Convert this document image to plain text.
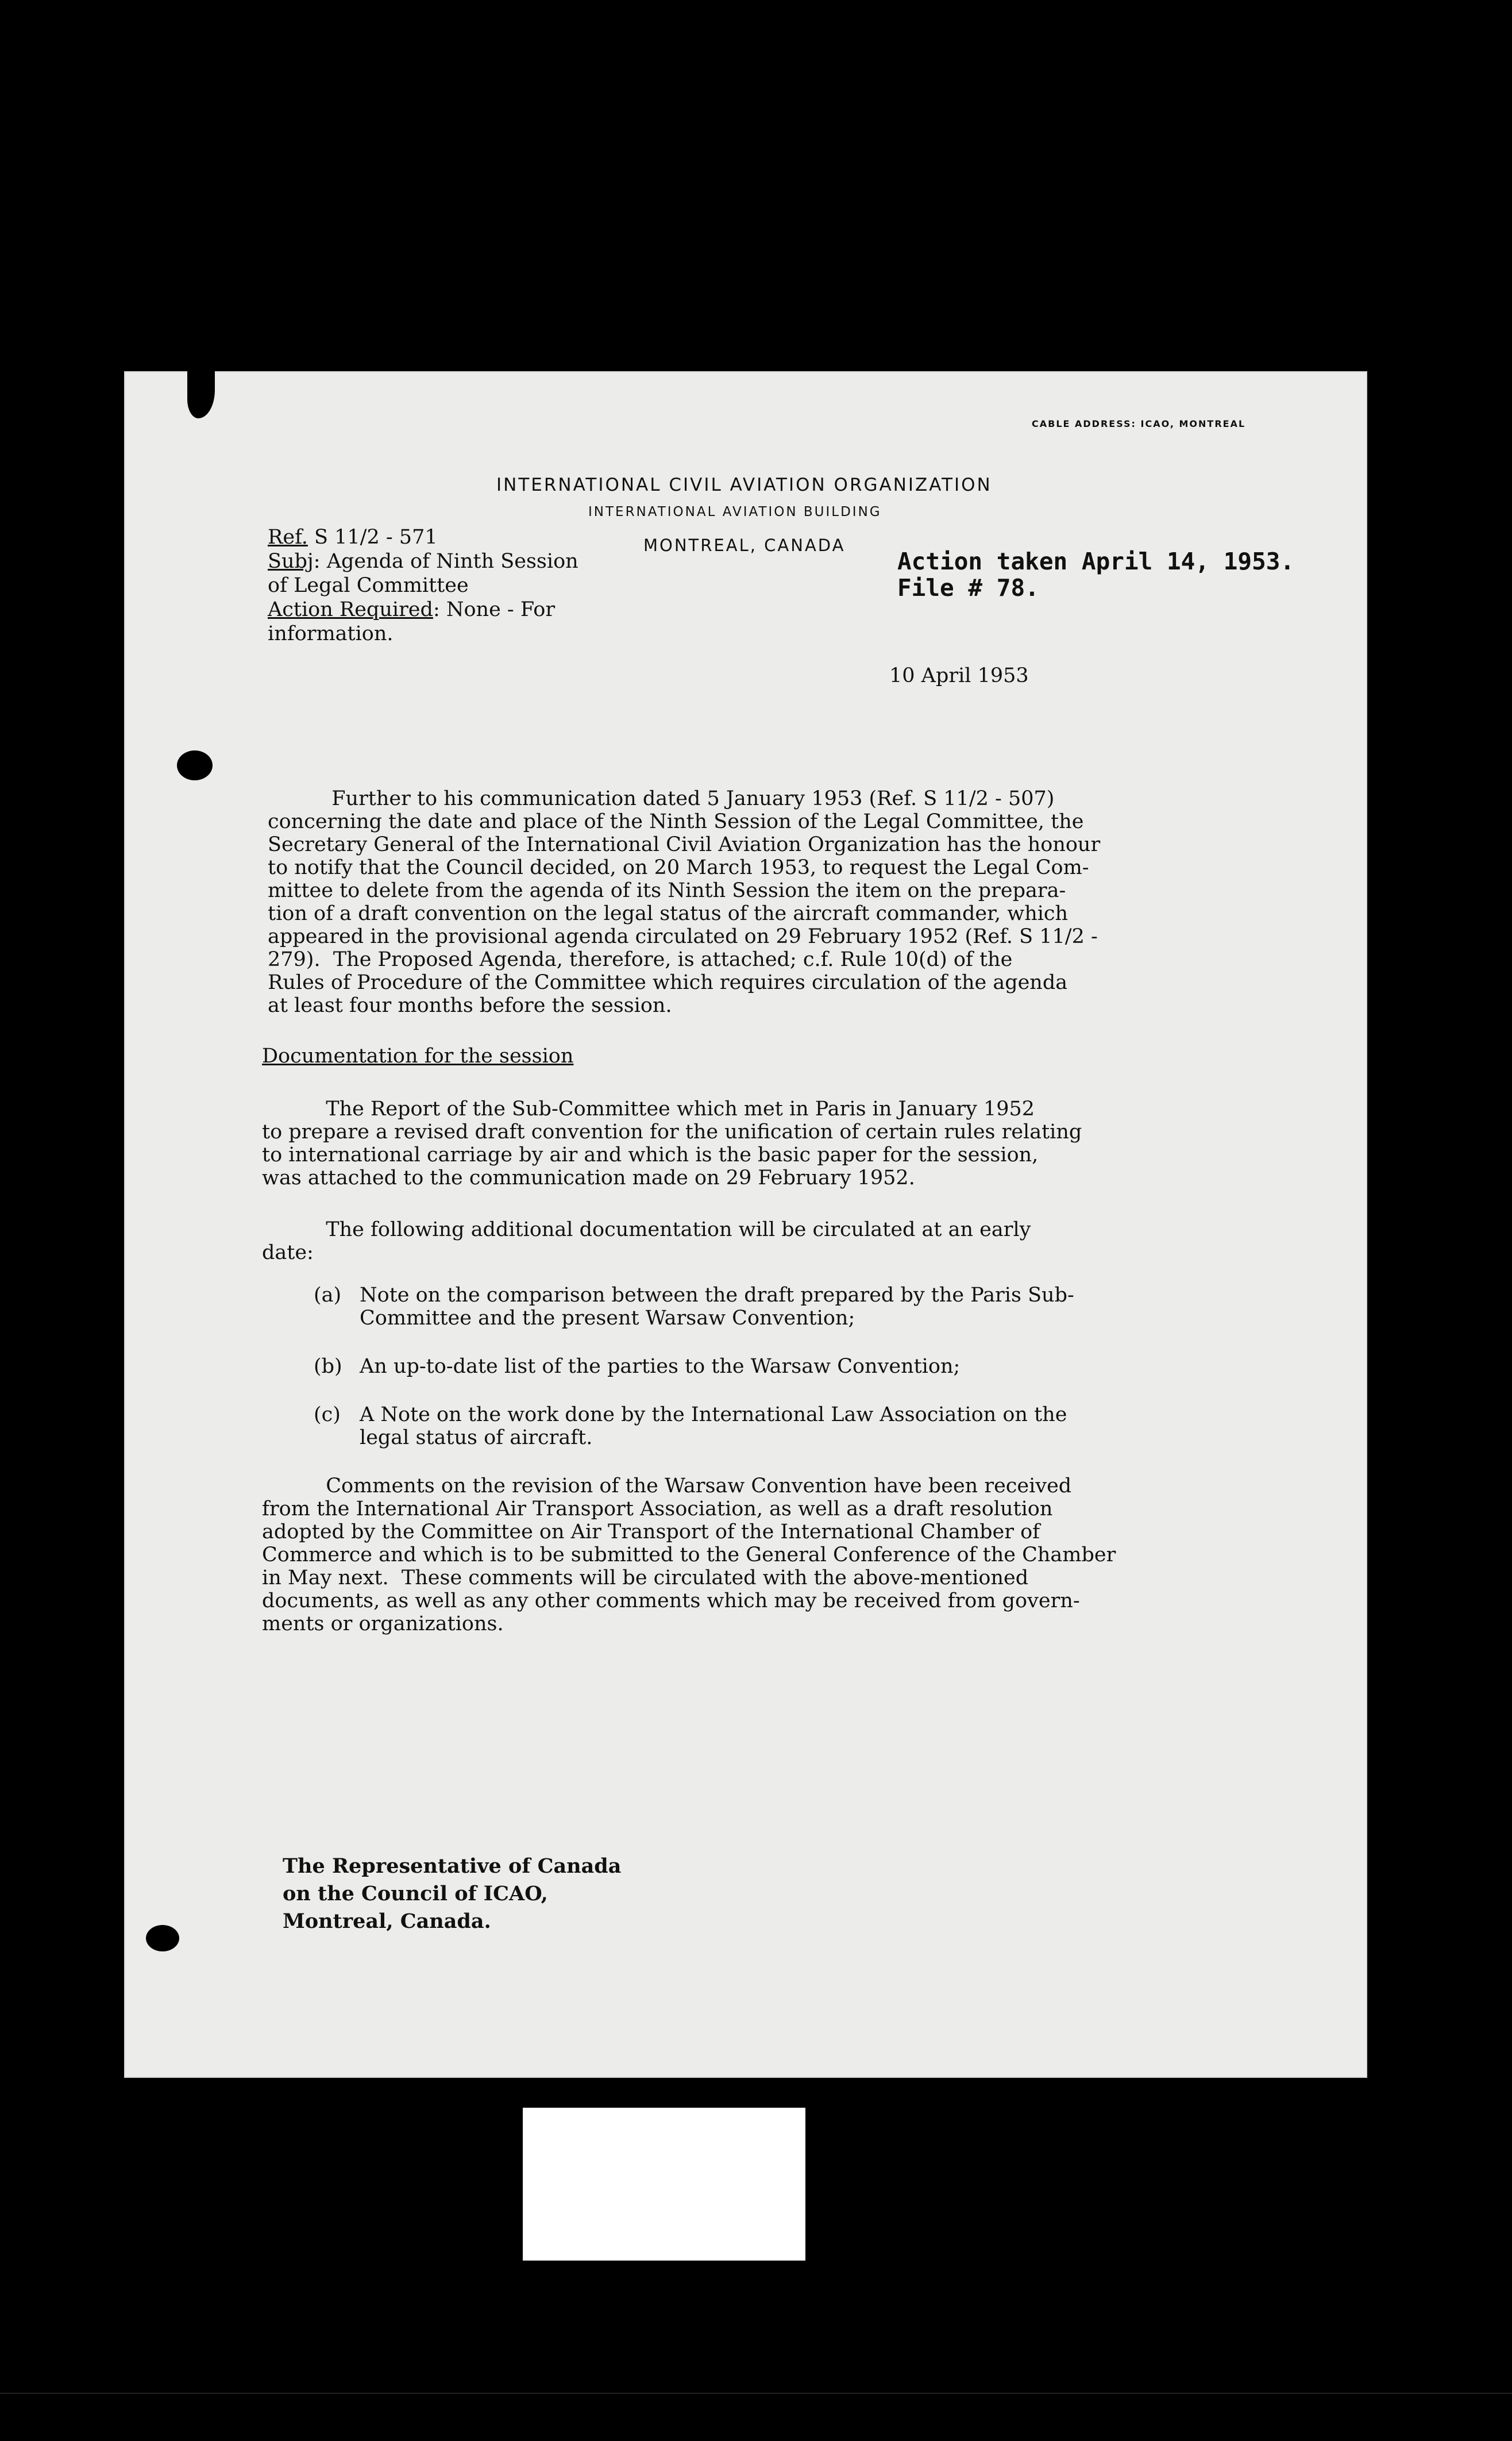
CABLE ADDRESS: ICAO, MONTREAL
INTERNATIONAL CIVIL AVIATION ORGANIZATION
INTERNATIONAL AVIATION BUILDING
MONTREAL, CANADA
Ref. S 11/2 - 571
Subj: Agenda of Ninth Session
of Legal Committee
Action Required: None - For
information.
Action taken April 14, 1953.
File # 78.
10 April 1953
Further to his communication dated 5 January 1953 (Ref. S 11/2 - 507)
concerning the date and place of the Ninth Session of the Legal Committee, the
Secretary General of the International Civil Aviation Organization has the honour
to notify that the Council decided, on 20 March 1953, to request the Legal Com-
mittee to delete from the agenda of its Ninth Session the item on the prepara-
tion of a draft convention on the legal status of the aircraft commander, which
appeared in the provisional agenda circulated on 29 February 1952 (Ref. S 11/2 -
279).  The Proposed Agenda, therefore, is attached; c.f. Rule 10(d) of the
Rules of Procedure of the Committee which requires circulation of the agenda
at least four months before the session.
Documentation for the session
The Report of the Sub-Committee which met in Paris in January 1952
to prepare a revised draft convention for the unification of certain rules relating
to international carriage by air and which is the basic paper for the session,
was attached to the communication made on 29 February 1952.
The following additional documentation will be circulated at an early
date:
(a) Note on the comparison between the draft prepared by the Paris Sub-
Committee and the present Warsaw Convention;
(b) An up-to-date list of the parties to the Warsaw Convention;
(c) A Note on the work done by the International Law Association on the
legal status of aircraft.
Comments on the revision of the Warsaw Convention have been received
from the International Air Transport Association, as well as a draft resolution
adopted by the Committee on Air Transport of the International Chamber of
Commerce and which is to be submitted to the General Conference of the Chamber
in May next.  These comments will be circulated with the above-mentioned
documents, as well as any other comments which may be received from govern-
ments or organizations.
The Representative of Canada
on the Council of ICAO,
Montreal, Canada.
